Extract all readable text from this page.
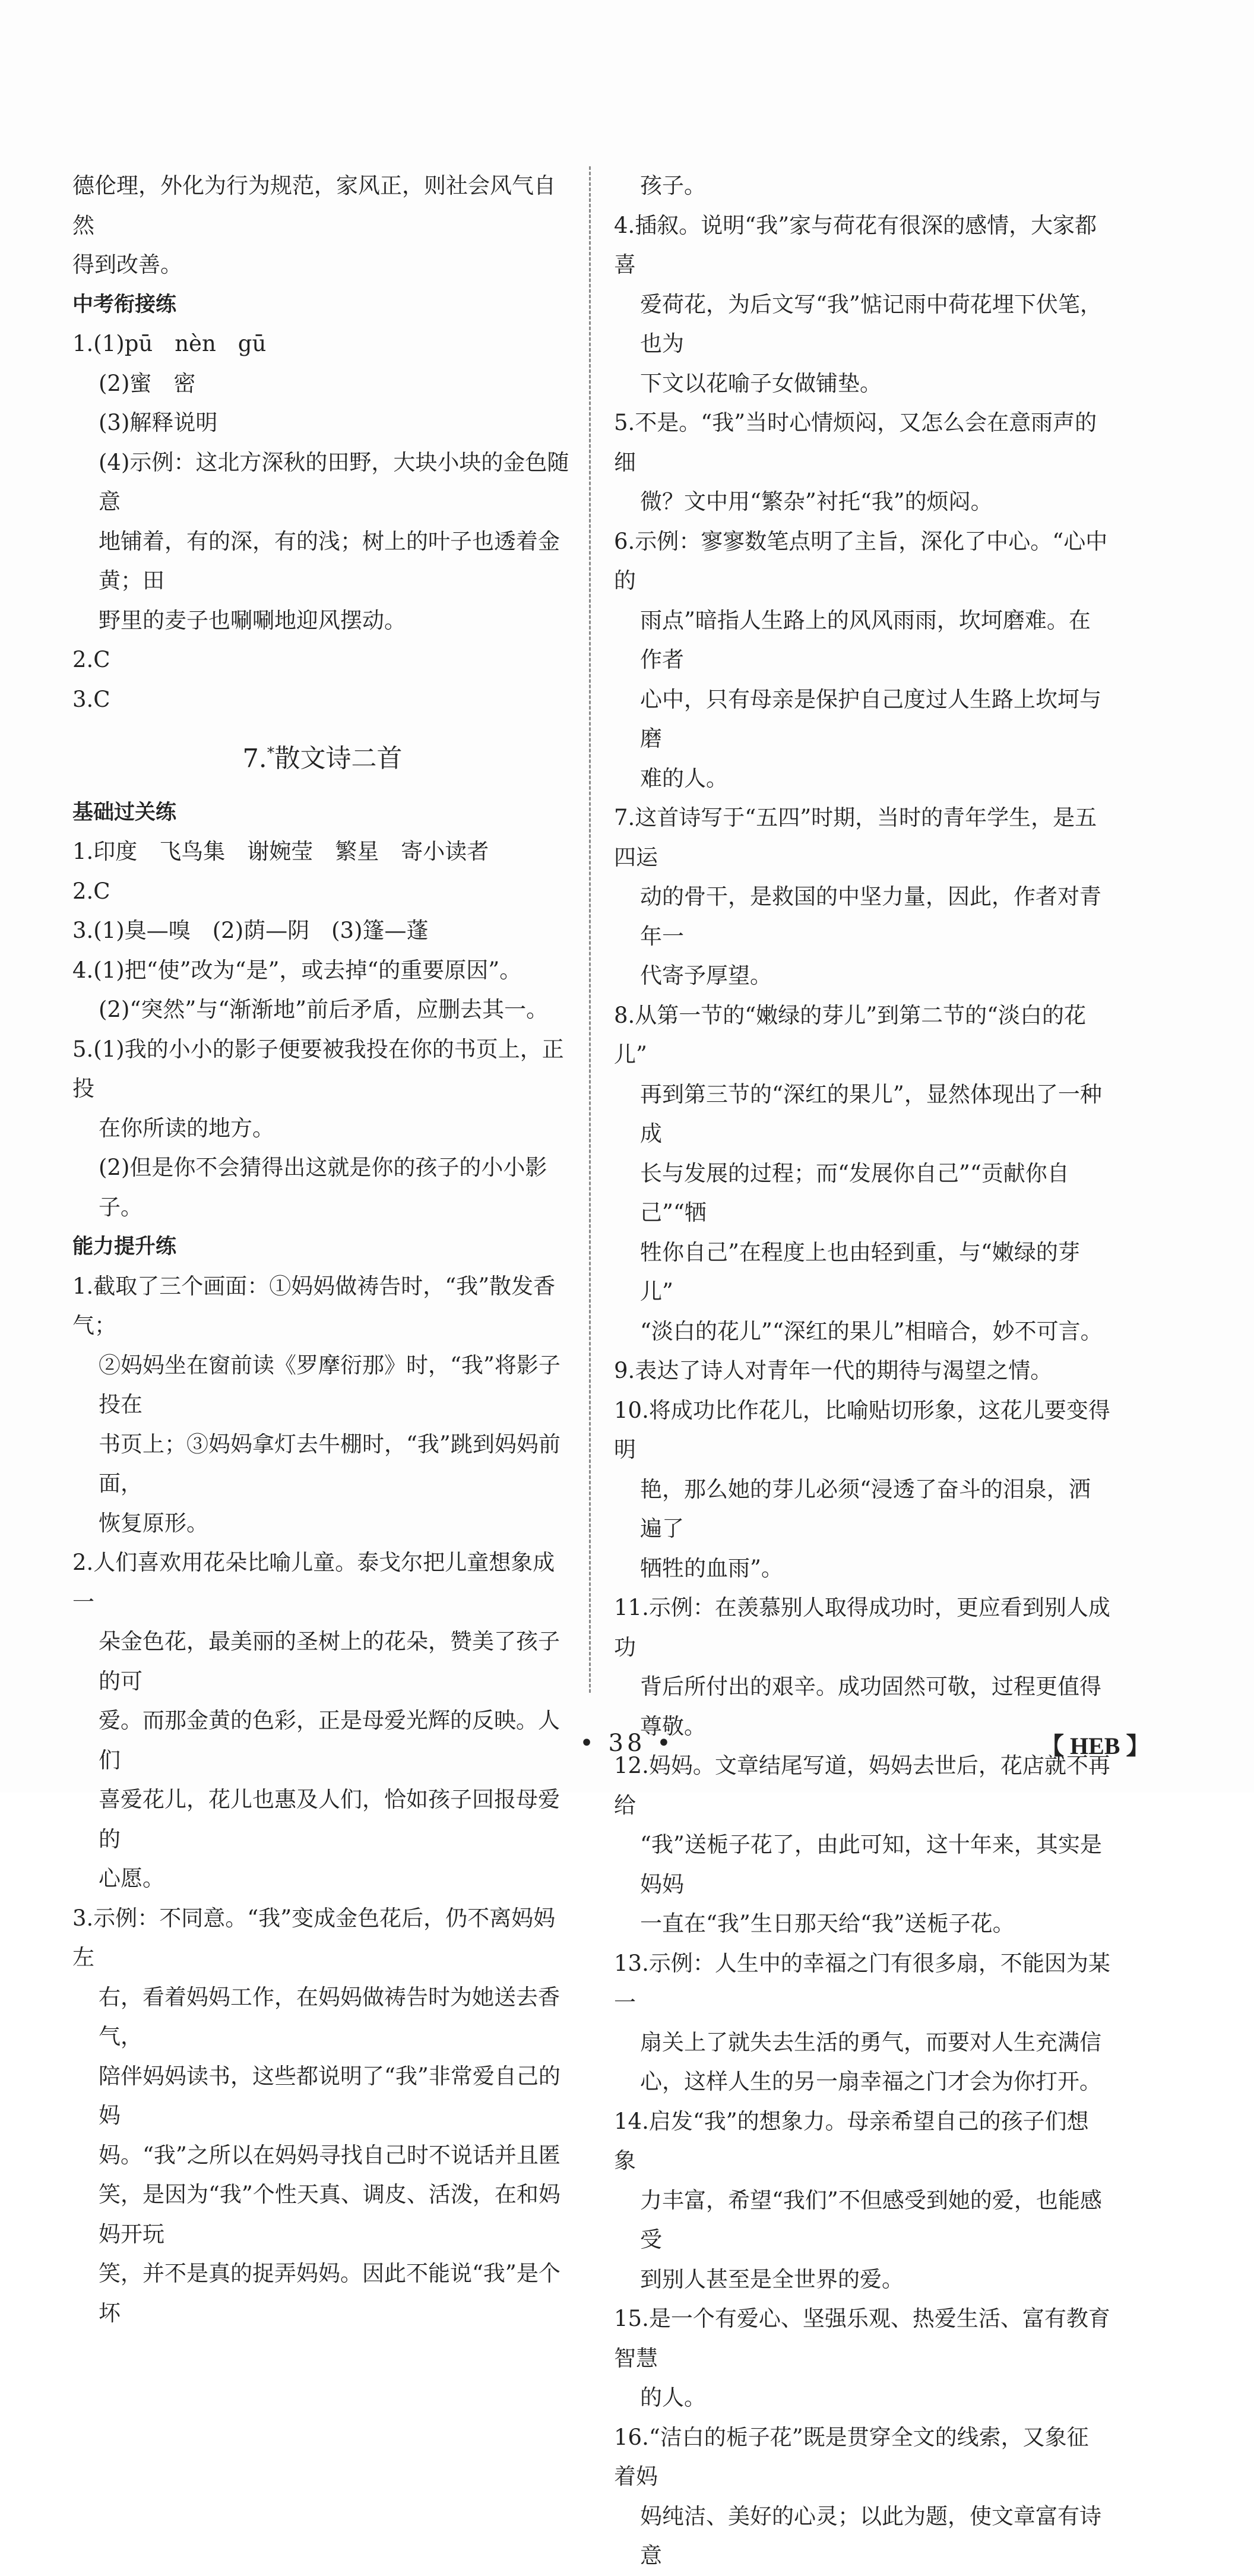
德伦理，外化为行为规范，家风正，则社会风气自然

得到改善。

中考衔接练

1.(1)pū　nèn　gū

(2)蜜　密

(3)解释说明

(4)示例：这北方深秋的田野，大块小块的金色随意

地铺着，有的深，有的浅；树上的叶子也透着金黄；田

野里的麦子也唰唰地迎风摆动。

2.C

3.C

7.*散文诗二首

基础过关练

1.印度　飞鸟集　谢婉莹　繁星　寄小读者

2.C

3.(1)臭—嗅　(2)荫—阴　(3)篷—蓬

4.(1)把“使”改为“是”，或去掉“的重要原因”。

(2)“突然”与“渐渐地”前后矛盾，应删去其一。

5.(1)我的小小的影子便要被我投在你的书页上，正投

在你所读的地方。

(2)但是你不会猜得出这就是你的孩子的小小影子。

能力提升练

1.截取了三个画面：①妈妈做祷告时，“我”散发香气；

②妈妈坐在窗前读《罗摩衍那》时，“我”将影子投在

书页上；③妈妈拿灯去牛棚时，“我”跳到妈妈前面，

恢复原形。

2.人们喜欢用花朵比喻儿童。泰戈尔把儿童想象成一

朵金色花，最美丽的圣树上的花朵，赞美了孩子的可

爱。而那金黄的色彩，正是母爱光辉的反映。人们

喜爱花儿，花儿也惠及人们，恰如孩子回报母爱的

心愿。

3.示例：不同意。“我”变成金色花后，仍不离妈妈左

右，看着妈妈工作，在妈妈做祷告时为她送去香气，

陪伴妈妈读书，这些都说明了“我”非常爱自己的妈

妈。“我”之所以在妈妈寻找自己时不说话并且匿

笑，是因为“我”个性天真、调皮、活泼，在和妈妈开玩

笑，并不是真的捉弄妈妈。因此不能说“我”是个坏

孩子。

4.插叙。说明“我”家与荷花有很深的感情，大家都喜

爱荷花，为后文写“我”惦记雨中荷花埋下伏笔，也为

下文以花喻子女做铺垫。

5.不是。“我”当时心情烦闷，又怎么会在意雨声的细

微？文中用“繁杂”衬托“我”的烦闷。

6.示例：寥寥数笔点明了主旨，深化了中心。“心中的

雨点”暗指人生路上的风风雨雨，坎坷磨难。在作者

心中，只有母亲是保护自己度过人生路上坎坷与磨

难的人。

7.这首诗写于“五四”时期，当时的青年学生，是五四运

动的骨干，是救国的中坚力量，因此，作者对青年一

代寄予厚望。

8.从第一节的“嫩绿的芽儿”到第二节的“淡白的花儿”

再到第三节的“深红的果儿”，显然体现出了一种成

长与发展的过程；而“发展你自己”“贡献你自己”“牺

牲你自己”在程度上也由轻到重，与“嫩绿的芽儿”

“淡白的花儿”“深红的果儿”相暗合，妙不可言。

9.表达了诗人对青年一代的期待与渴望之情。

10.将成功比作花儿，比喻贴切形象，这花儿要变得明

艳，那么她的芽儿必须“浸透了奋斗的泪泉，洒遍了

牺牲的血雨”。

11.示例：在羡慕别人取得成功时，更应看到别人成功

背后所付出的艰辛。成功固然可敬，过程更值得

尊敬。

12.妈妈。文章结尾写道，妈妈去世后，花店就不再给

“我”送栀子花了，由此可知，这十年来，其实是妈妈

一直在“我”生日那天给“我”送栀子花。

13.示例：人生中的幸福之门有很多扇，不能因为某一

扇关上了就失去生活的勇气，而要对人生充满信

心，这样人生的另一扇幸福之门才会为你打开。

14.启发“我”的想象力。母亲希望自己的孩子们想象

力丰富，希望“我们”不但感受到她的爱，也能感受

到别人甚至是全世界的爱。

15.是一个有爱心、坚强乐观、热爱生活、富有教育智慧

的人。

16.“洁白的栀子花”既是贯穿全文的线索，又象征着妈

妈纯洁、美好的心灵；以此为题，使文章富有诗意

• 38 •	【 HEB 】
